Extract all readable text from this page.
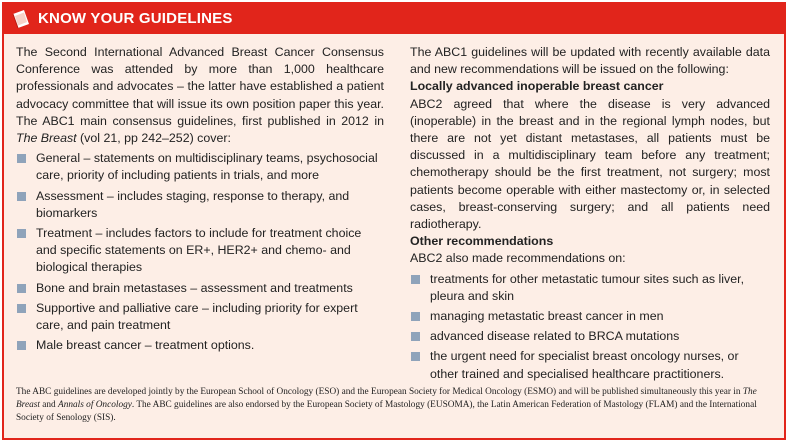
KNOW YOUR GUIDELINES

The Second International Advanced Breast Cancer Consensus Conference was attended by more than 1,000 healthcare professionals and advocates – the latter have established a patient advocacy committee that will issue its own position paper this year. The ABC1 main consensus guidelines, first published in 2012 in The Breast (vol 21, pp 242–252) cover:

General – statements on multidisciplinary teams, psychosocial care, priority of including patients in trials, and more
Assessment – includes staging, response to therapy, and biomarkers
Treatment – includes factors to include for treatment choice and specific statements on ER+, HER2+ and chemo- and biological therapies
Bone and brain metastases – assessment and treatments
Supportive and palliative care – including priority for expert care, and pain treatment
Male breast cancer – treatment options.

The ABC1 guidelines will be updated with recently available data and new recommendations will be issued on the following:

Locally advanced inoperable breast cancer

ABC2 agreed that where the disease is very advanced (inoperable) in the breast and in the regional lymph nodes, but there are not yet distant metastases, all patients must be discussed in a multidisciplinary team before any treatment; chemotherapy should be the first treatment, not surgery; most patients become operable with either mastectomy or, in selected cases, breast-conserving surgery; and all patients need radiotherapy.

Other recommendations

ABC2 also made recommendations on:

treatments for other metastatic tumour sites such as liver, pleura and skin
managing metastatic breast cancer in men
advanced disease related to BRCA mutations
the urgent need for specialist breast oncology nurses, or other trained and specialised healthcare practitioners.
The ABC guidelines are developed jointly by the European School of Oncology (ESO) and the European Society for Medical Oncology (ESMO) and will be published simultaneously this year in The Breast and Annals of Oncology. The ABC guidelines are also endorsed by the European Society of Mastology (EUSOMA), the Latin American Federation of Mastology (FLAM) and the International Society of Senology (SIS).
